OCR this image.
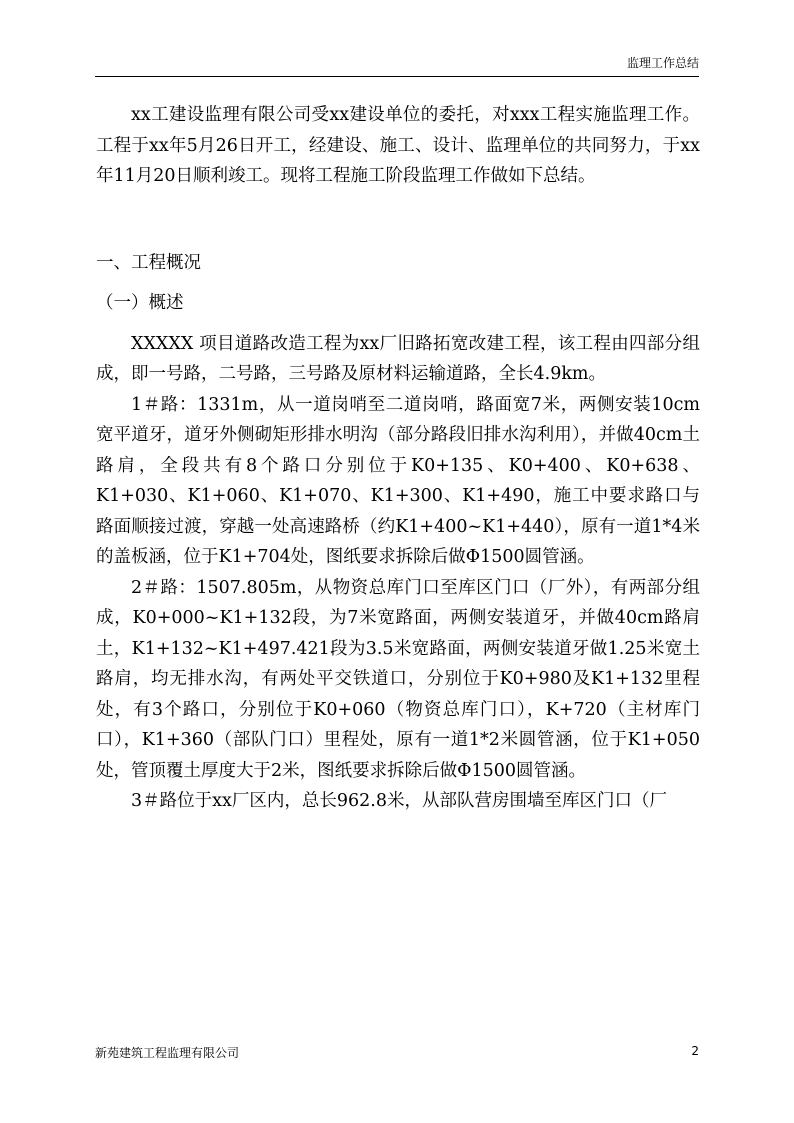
监理工作总结

xx工建设监理有限公司受xx建设单位的委托，对xxx工程实施监理工作。工程于xx年5月26日开工，经建设、施工、设计、监理单位的共同努力，于xx年11月20日顺利竣工。现将工程施工阶段监理工作做如下总结。

一、工程概况

（一）概述

XXXXX 项目道路改造工程为xx厂旧路拓宽改建工程，该工程由四部分组成，即一号路，二号路，三号路及原材料运输道路，全长4.9km。

1＃路：1331m，从一道岗哨至二道岗哨，路面宽7米，两侧安装10cm宽平道牙，道牙外侧砌矩形排水明沟（部分路段旧排水沟利用），并做40cm土路肩，全段共有8个路口分别位于K0+135、K0+400、K0+638、K1+030、K1+060、K1+070、K1+300、K1+490，施工中要求路口与路面顺接过渡，穿越一处高速路桥（约K1+400~K1+440），原有一道1*4米的盖板涵，位于K1+704处，图纸要求拆除后做Φ1500圆管涵。

2＃路：1507.805m，从物资总库门口至库区门口（厂外），有两部分组成，K0+000~K1+132段，为7米宽路面，两侧安装道牙，并做40cm路肩土，K1+132~K1+497.421段为3.5米宽路面，两侧安装道牙做1.25米宽土路肩，均无排水沟，有两处平交铁道口，分别位于K0+980及K1+132里程处，有3个路口，分别位于K0+060（物资总库门口），K+720（主材库门口），K1+360（部队门口）里程处，原有一道1*2米圆管涵，位于K1+050处，管顶覆土厚度大于2米，图纸要求拆除后做Φ1500圆管涵。

3＃路位于xx厂区内，总长962.8米，从部队营房围墙至库区门口（厂

新苑建筑工程监理有限公司	2
